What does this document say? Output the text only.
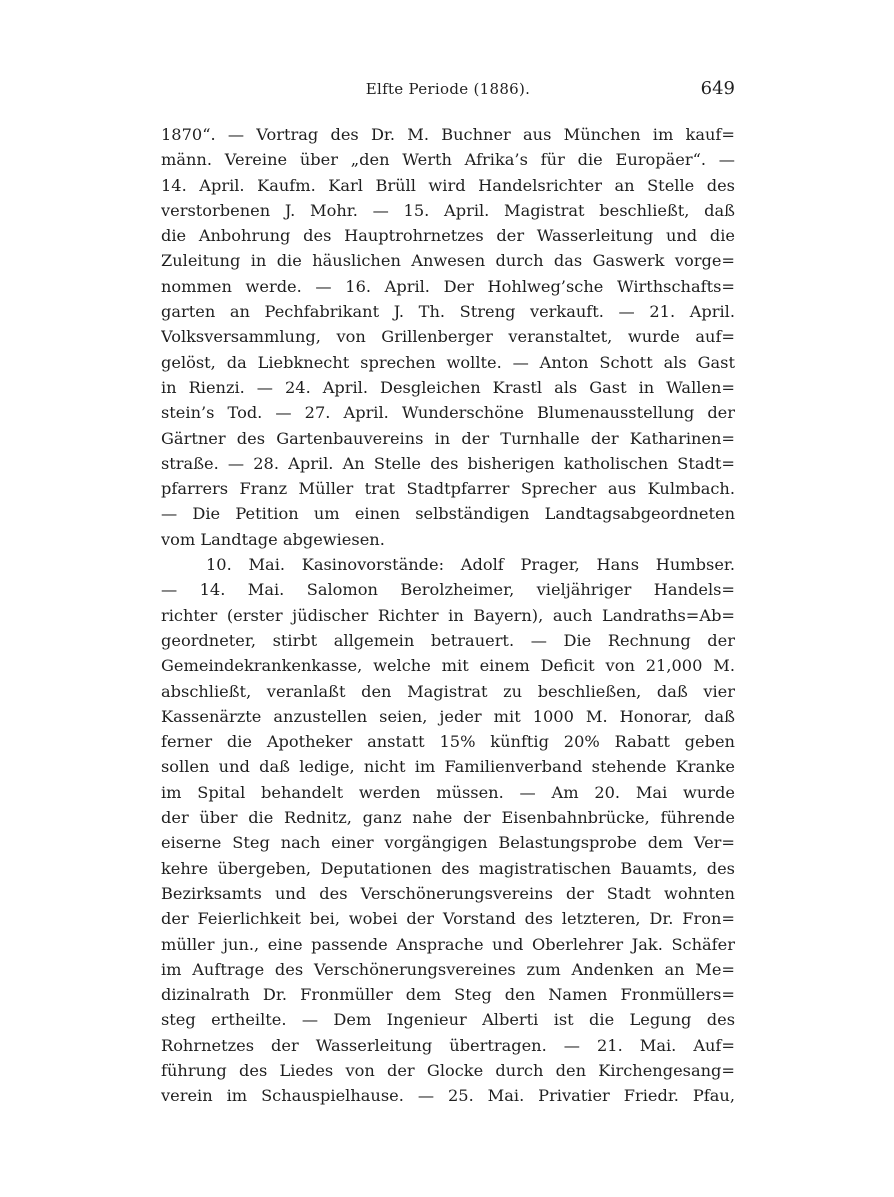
Elfte Periode (1886).	649
1870“. — Vortrag des Dr. M. Buchner aus München im kauf=
männ. Vereine über „den Werth Afrika’s für die Europäer“. —
14. April. Kaufm. Karl Brüll wird Handelsrichter an Stelle des
verstorbenen J. Mohr. — 15. April. Magistrat beschließt, daß
die Anbohrung des Hauptrohrnetzes der Wasserleitung und die
Zuleitung in die häuslichen Anwesen durch das Gaswerk vorge=
nommen werde. — 16. April. Der Hohlweg’sche Wirthschafts=
garten an Pechfabrikant J. Th. Streng verkauft. — 21. April.
Volksversammlung, von Grillenberger veranstaltet, wurde auf=
gelöst, da Liebknecht sprechen wollte. — Anton Schott als Gast
in Rienzi. — 24. April. Desgleichen Krastl als Gast in Wallen=
stein’s Tod. — 27. April. Wunderschöne Blumenausstellung der
Gärtner des Gartenbauvereins in der Turnhalle der Katharinen=
straße. — 28. April. An Stelle des bisherigen katholischen Stadt=
pfarrers Franz Müller trat Stadtpfarrer Sprecher aus Kulmbach.
— Die Petition um einen selbständigen Landtagsabgeordneten
vom Landtage abgewiesen.
10. Mai. Kasinovorstände: Adolf Prager, Hans Humbser.
— 14. Mai. Salomon Berolzheimer, vieljähriger Handels=
richter (erster jüdischer Richter in Bayern), auch Landraths=Ab=
geordneter, stirbt allgemein betrauert. — Die Rechnung der
Gemeindekrankenkasse, welche mit einem Deficit von 21,000 M.
abschließt, veranlaßt den Magistrat zu beschließen, daß vier
Kassenärzte anzustellen seien, jeder mit 1000 M. Honorar, daß
ferner die Apotheker anstatt 15% künftig 20% Rabatt geben
sollen und daß ledige, nicht im Familienverband stehende Kranke
im Spital behandelt werden müssen. — Am 20. Mai wurde
der über die Rednitz, ganz nahe der Eisenbahnbrücke, führende
eiserne Steg nach einer vorgängigen Belastungsprobe dem Ver=
kehre übergeben, Deputationen des magistratischen Bauamts, des
Bezirksamts und des Verschönerungsvereins der Stadt wohnten
der Feierlichkeit bei, wobei der Vorstand des letzteren, Dr. Fron=
müller jun., eine passende Ansprache und Oberlehrer Jak. Schäfer
im Auftrage des Verschönerungsvereines zum Andenken an Me=
dizinalrath Dr. Fronmüller dem Steg den Namen Fronmüllers=
steg ertheilte. — Dem Ingenieur Alberti ist die Legung des
Rohrnetzes der Wasserleitung übertragen. — 21. Mai. Auf=
führung des Liedes von der Glocke durch den Kirchengesang=
verein im Schauspielhause. — 25. Mai. Privatier Friedr. Pfau,
